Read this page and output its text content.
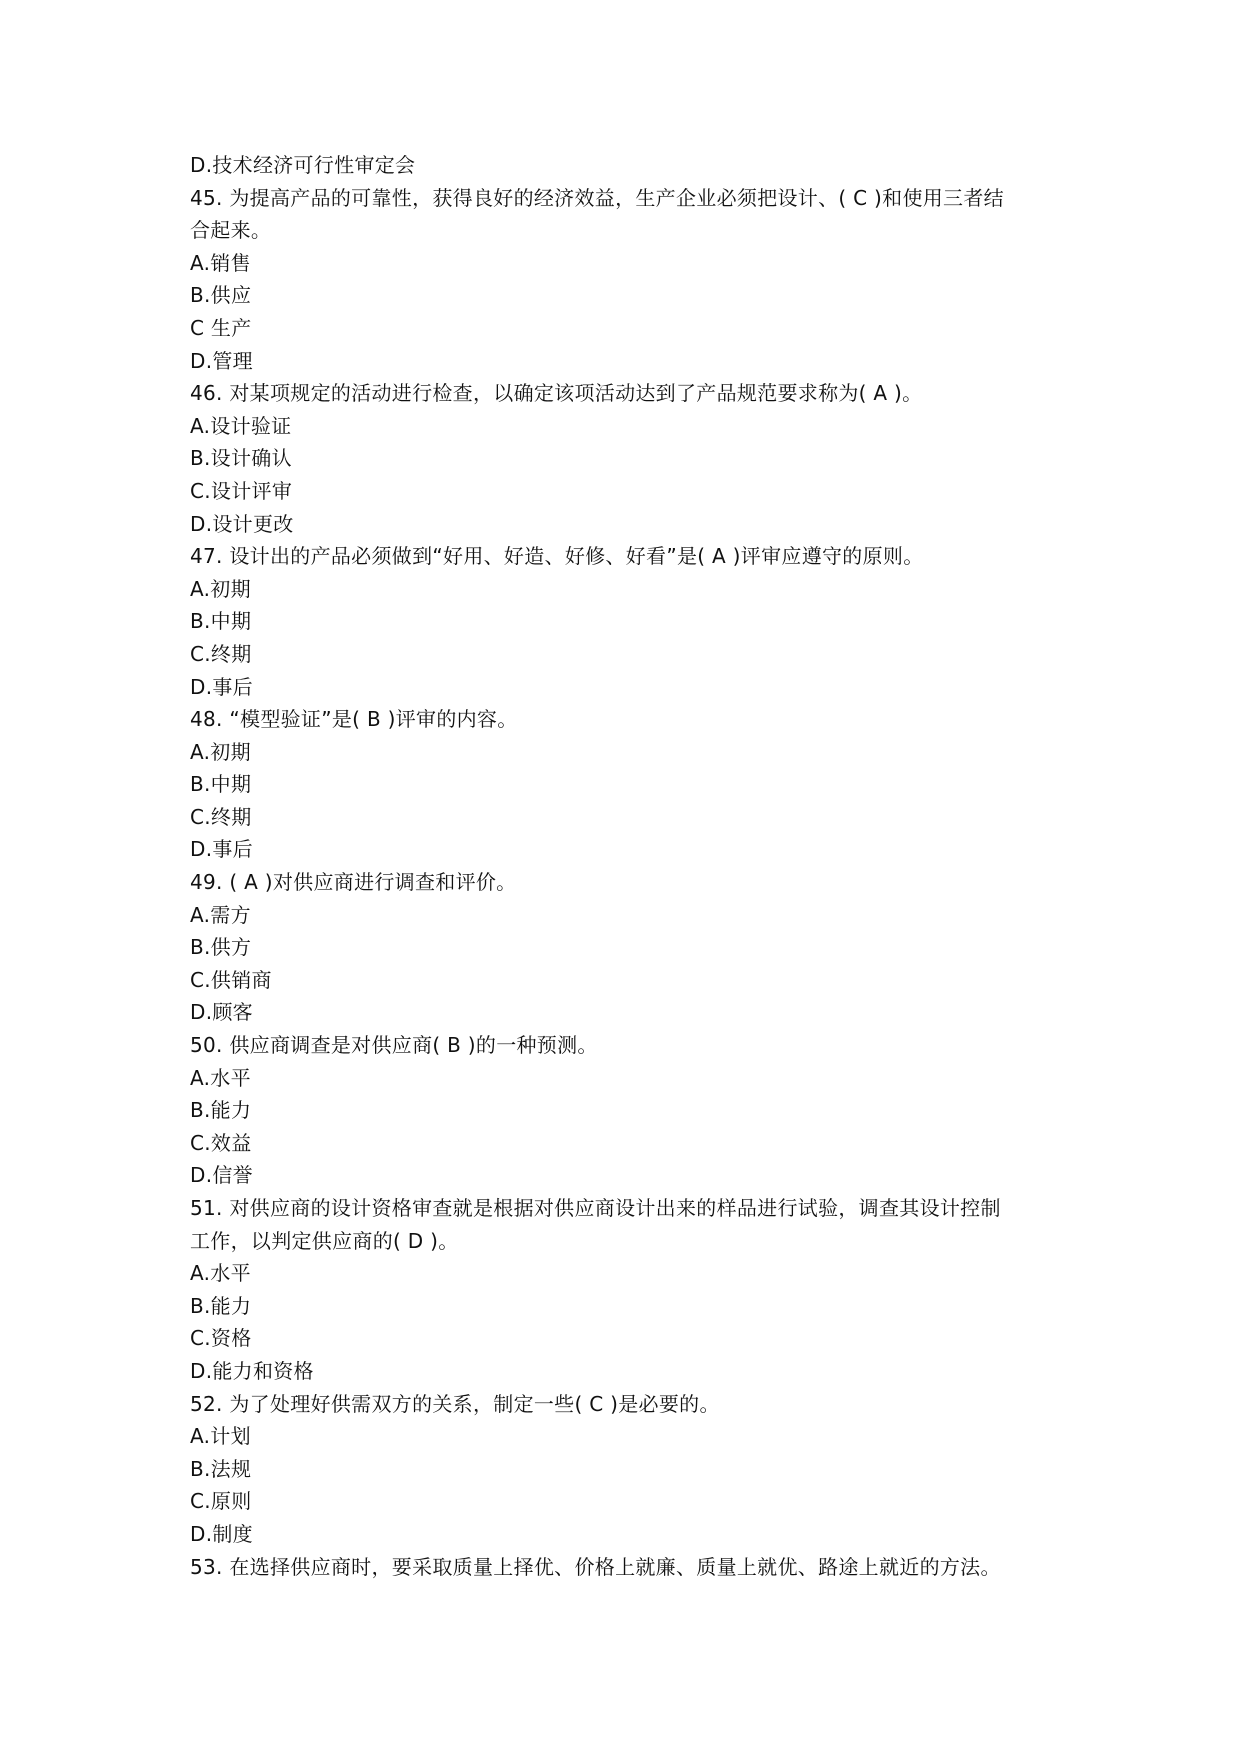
D.技术经济可行性审定会
45. 为提高产品的可靠性，获得良好的经济效益，生产企业必须把设计、( C )和使用三者结
合起来。
A.销售
B.供应
C 生产
D.管理
46. 对某项规定的活动进行检查，以确定该项活动达到了产品规范要求称为( A )。
A.设计验证
B.设计确认
C.设计评审
D.设计更改
47. 设计出的产品必须做到“好用、好造、好修、好看”是( A )评审应遵守的原则。
A.初期
B.中期
C.终期
D.事后
48. “模型验证”是( B )评审的内容。
A.初期
B.中期
C.终期
D.事后
49. ( A )对供应商进行调查和评价。
A.需方
B.供方
C.供销商
D.顾客
50. 供应商调查是对供应商( B )的一种预测。
A.水平
B.能力
C.效益
D.信誉
51. 对供应商的设计资格审查就是根据对供应商设计出来的样品进行试验，调查其设计控制
工作，以判定供应商的( D )。
A.水平
B.能力
C.资格
D.能力和资格
52. 为了处理好供需双方的关系，制定一些( C )是必要的。
A.计划
B.法规
C.原则
D.制度
53. 在选择供应商时，要采取质量上择优、价格上就廉、质量上就优、路途上就近的方法。
